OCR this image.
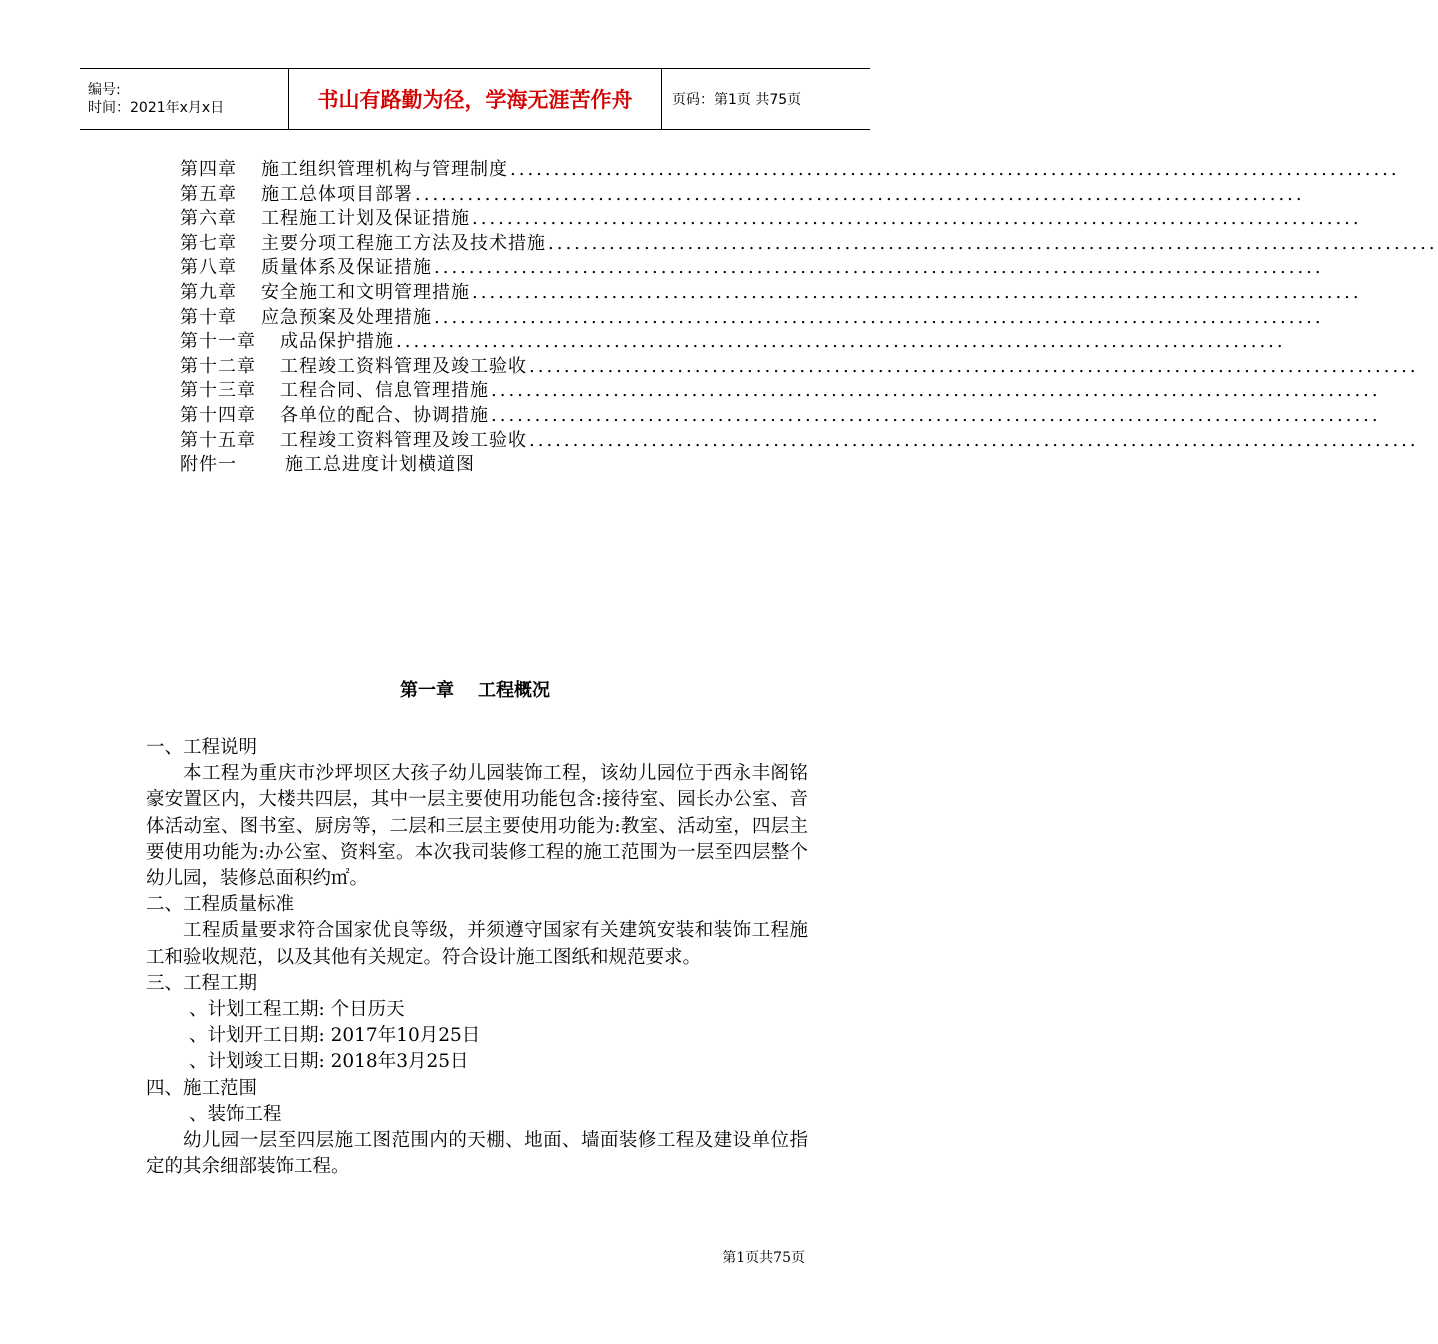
编号:
时间：2021年x月x日	书山有路勤为径，学海无涯苦作舟	页码：第1页 共75页
第四章 施工组织管理机构与管理制度 ......................................................................................................
第五章 施工总体项目部署 ......................................................................................................
第六章 工程施工计划及保证措施 ......................................................................................................
第七章 主要分项工程施工方法及技术措施 ......................................................................................................
第八章 质量体系及保证措施 ......................................................................................................
第九章 安全施工和文明管理措施 ......................................................................................................
第十章 应急预案及处理措施 ......................................................................................................
第十一章 成品保护措施 ......................................................................................................
第十二章 工程竣工资料管理及竣工验收 ......................................................................................................
第十三章 工程合同、信息管理措施 ......................................................................................................
第十四章 各单位的配合、协调措施 ......................................................................................................
第十五章 工程竣工资料管理及竣工验收 ......................................................................................................
附件一	施工总进度计划横道图
第一章 工程概况

一、工程说明

本工程为重庆市沙坪坝区大孩子幼儿园装饰工程，该幼儿园位于西永丰阁铭豪安置区内，大楼共四层，其中一层主要使用功能包含:接待室、园长办公室、音体活动室、图书室、厨房等，二层和三层主要使用功能为:教室、活动室，四层主要使用功能为:办公室、资料室。本次我司装修工程的施工范围为一层至四层整个幼儿园，装修总面积约㎡。

二、工程质量标准

工程质量要求符合国家优良等级，并须遵守国家有关建筑安装和装饰工程施工和验收规范，以及其他有关规定。符合设计施工图纸和规范要求。

三、工程工期

、计划工程工期: 个日历天

、计划开工日期: 2017年10月25日

、计划竣工日期: 2018年3月25日

四、施工范围

、装饰工程

幼儿园一层至四层施工图范围内的天棚、地面、墙面装修工程及建设单位指定的其余细部装饰工程。

第1页共75页
